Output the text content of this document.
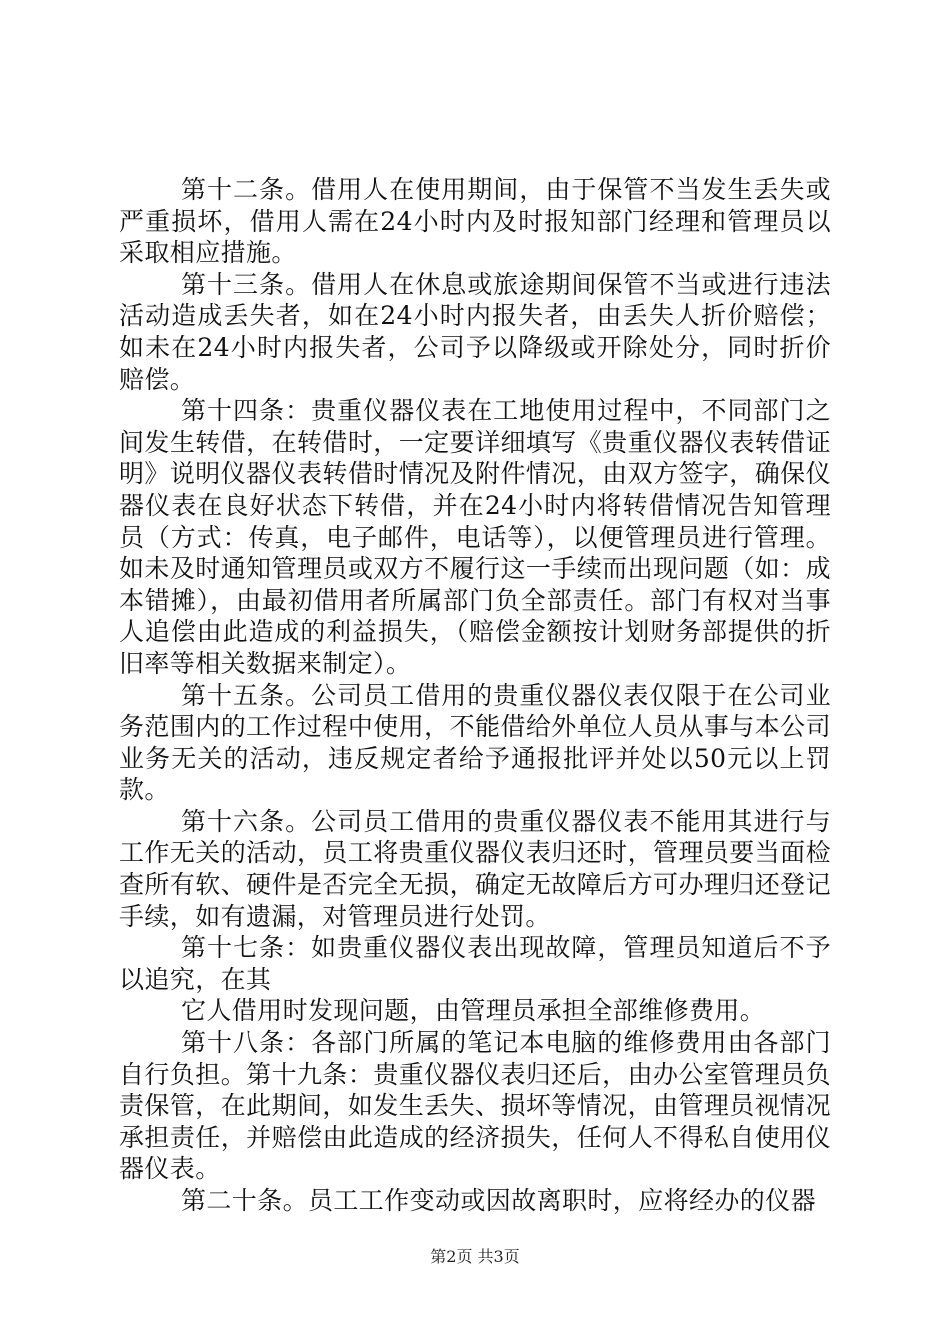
第十二条。借用人在使用期间，由于保管不当发生丢失或严重损坏，借用人需在24小时内及时报知部门经理和管理员以采取相应措施。

第十三条。借用人在休息或旅途期间保管不当或进行违法活动造成丢失者，如在24小时内报失者，由丢失人折价赔偿；如未在24小时内报失者，公司予以降级或开除处分，同时折价赔偿。

第十四条：贵重仪器仪表在工地使用过程中，不同部门之间发生转借，在转借时，一定要详细填写《贵重仪器仪表转借证明》说明仪器仪表转借时情况及附件情况，由双方签字，确保仪器仪表在良好状态下转借，并在24小时内将转借情况告知管理员（方式：传真，电子邮件，电话等），以便管理员进行管理。如未及时通知管理员或双方不履行这一手续而出现问题（如：成本错摊），由最初借用者所属部门负全部责任。部门有权对当事人追偿由此造成的利益损失，（赔偿金额按计划财务部提供的折旧率等相关数据来制定）。

第十五条。公司员工借用的贵重仪器仪表仅限于在公司业务范围内的工作过程中使用，不能借给外单位人员从事与本公司业务无关的活动，违反规定者给予通报批评并处以50元以上罚款。

第十六条。公司员工借用的贵重仪器仪表不能用其进行与工作无关的活动，员工将贵重仪器仪表归还时，管理员要当面检查所有软、硬件是否完全无损，确定无故障后方可办理归还登记手续，如有遗漏，对管理员进行处罚。

第十七条：如贵重仪器仪表出现故障，管理员知道后不予以追究，在其

它人借用时发现问题，由管理员承担全部维修费用。

第十八条：各部门所属的笔记本电脑的维修费用由各部门自行负担。第十九条：贵重仪器仪表归还后，由办公室管理员负责保管，在此期间，如发生丢失、损坏等情况，由管理员视情况承担责任，并赔偿由此造成的经济损失，任何人不得私自使用仪器仪表。

第二十条。员工工作变动或因故离职时，应将经办的仪器

第2页 共3页
